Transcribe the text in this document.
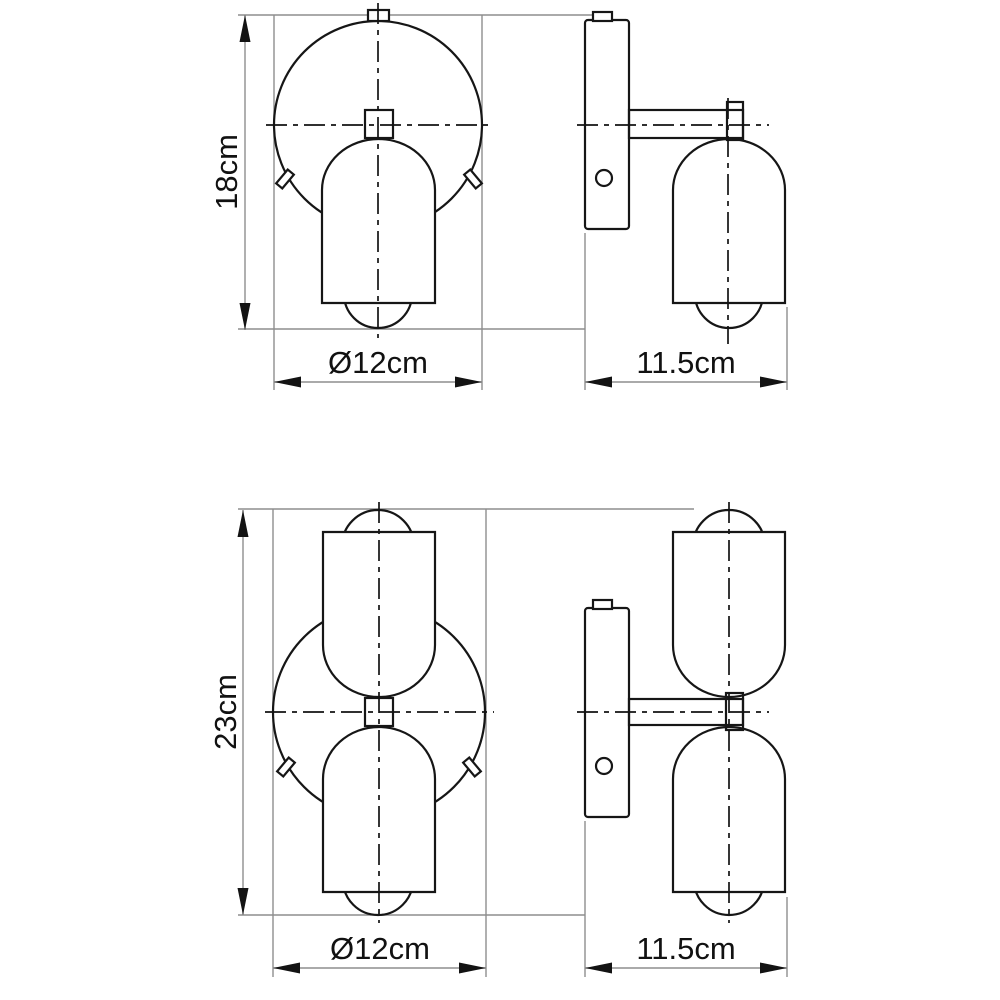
18cm
Ø12cm	11.5cm
23cm
Ø12cm	11.5cm
